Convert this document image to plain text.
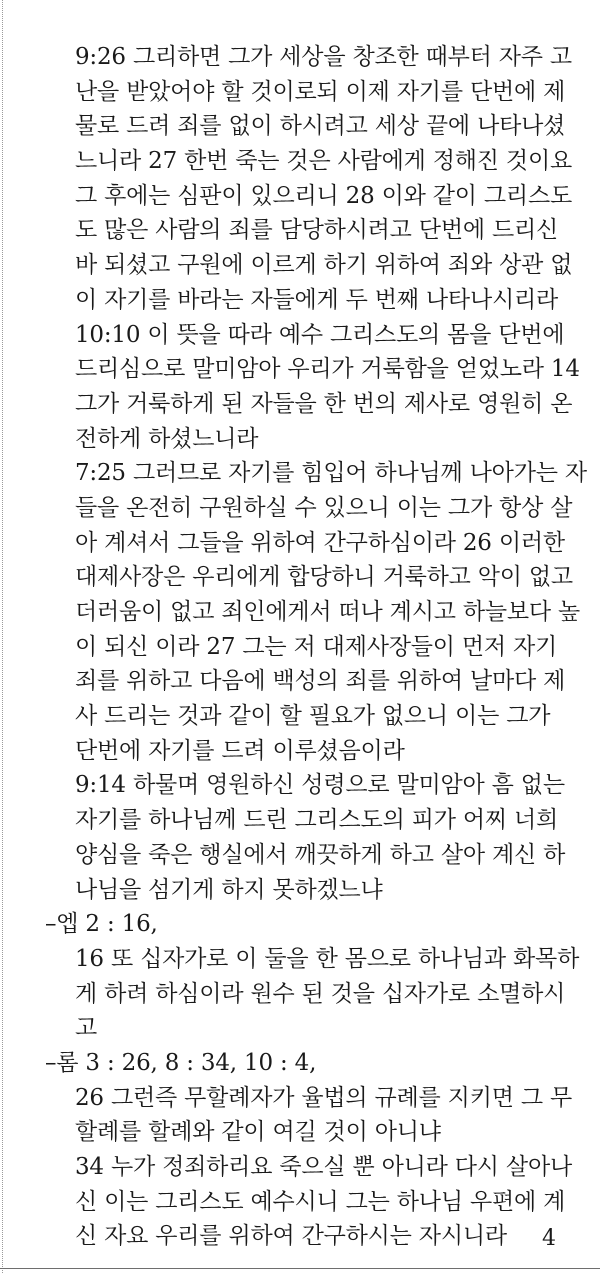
9:26 그리하면 그가 세상을 창조한 때부터 자주 고
난을 받았어야 할 것이로되 이제 자기를 단번에 제
물로 드려 죄를 없이 하시려고 세상 끝에 나타나셨
느니라 27 한번 죽는 것은 사람에게 정해진 것이요
그 후에는 심판이 있으리니 28 이와 같이 그리스도
도 많은 사람의 죄를 담당하시려고 단번에 드리신
바 되셨고 구원에 이르게 하기 위하여 죄와 상관 없
이 자기를 바라는 자들에게 두 번째 나타나시리라
10:10 이 뜻을 따라 예수 그리스도의 몸을 단번에
드리심으로 말미암아 우리가 거룩함을 얻었노라 14
그가 거룩하게 된 자들을 한 번의 제사로 영원히 온
전하게 하셨느니라
7:25 그러므로 자기를 힘입어 하나님께 나아가는 자
들을 온전히 구원하실 수 있으니 이는 그가 항상 살
아 계셔서 그들을 위하여 간구하심이라 26 이러한
대제사장은 우리에게 합당하니 거룩하고 악이 없고
더러움이 없고 죄인에게서 떠나 계시고 하늘보다 높
이 되신 이라 27 그는 저 대제사장들이 먼저 자기
죄를 위하고 다음에 백성의 죄를 위하여 날마다 제
사 드리는 것과 같이 할 필요가 없으니 이는 그가
단번에 자기를 드려 이루셨음이라
9:14 하물며 영원하신 성령으로 말미암아 흠 없는
자기를 하나님께 드린 그리스도의 피가 어찌 너희
양심을 죽은 행실에서 깨끗하게 하고 살아 계신 하
나님을 섬기게 하지 못하겠느냐
–엡 2 : 16,
16 또 십자가로 이 둘을 한 몸으로 하나님과 화목하
게 하려 하심이라 원수 된 것을 십자가로 소멸하시
고
–롬 3 : 26, 8 : 34, 10 : 4,
26 그런즉 무할례자가 율법의 규례를 지키면 그 무
할례를 할례와 같이 여길 것이 아니냐
34 누가 정죄하리요 죽으실 뿐 아니라 다시 살아나
신 이는 그리스도 예수시니 그는 하나님 우편에 계
신 자요 우리를 위하여 간구하시는 자시니라	4
